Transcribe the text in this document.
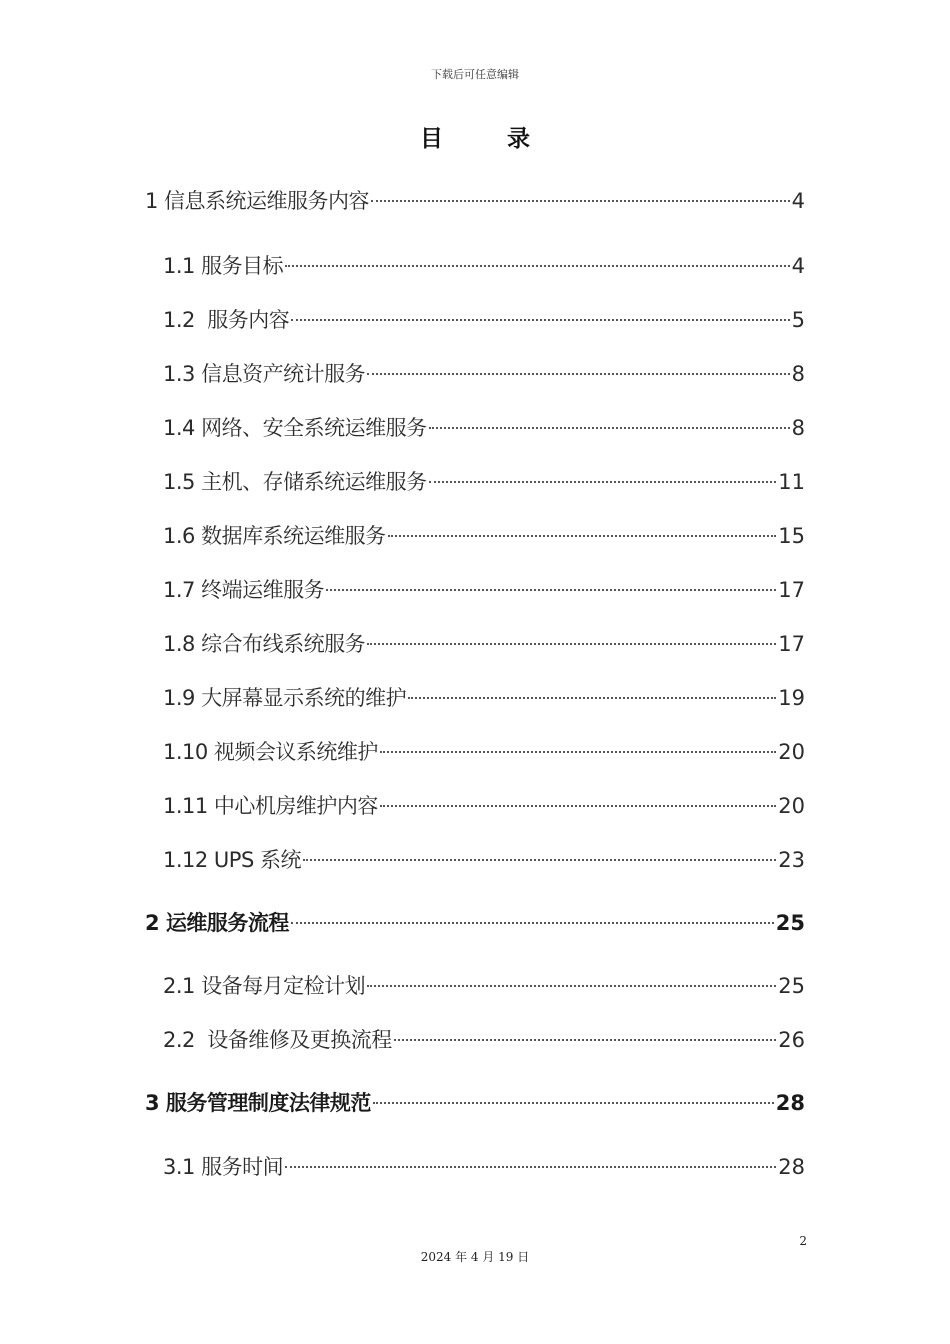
下载后可任意编辑
目 录
1 信息系统运维服务内容	4
1.1 服务目标	4
1.2  服务内容	5
1.3 信息资产统计服务	8
1.4 网络、安全系统运维服务	8
1.5 主机、存储系统运维服务	11
1.6 数据库系统运维服务	15
1.7 终端运维服务	17
1.8 综合布线系统服务	17
1.9 大屏幕显示系统的维护	19
1.10 视频会议系统维护	20
1.11 中心机房维护内容	20
1.12 UPS 系统	23
2 运维服务流程	25
2.1 设备每月定检计划	25
2.2  设备维修及更换流程	26
3 服务管理制度法律规范	28
3.1 服务时间	28
2
2024 年 4 月 19 日
